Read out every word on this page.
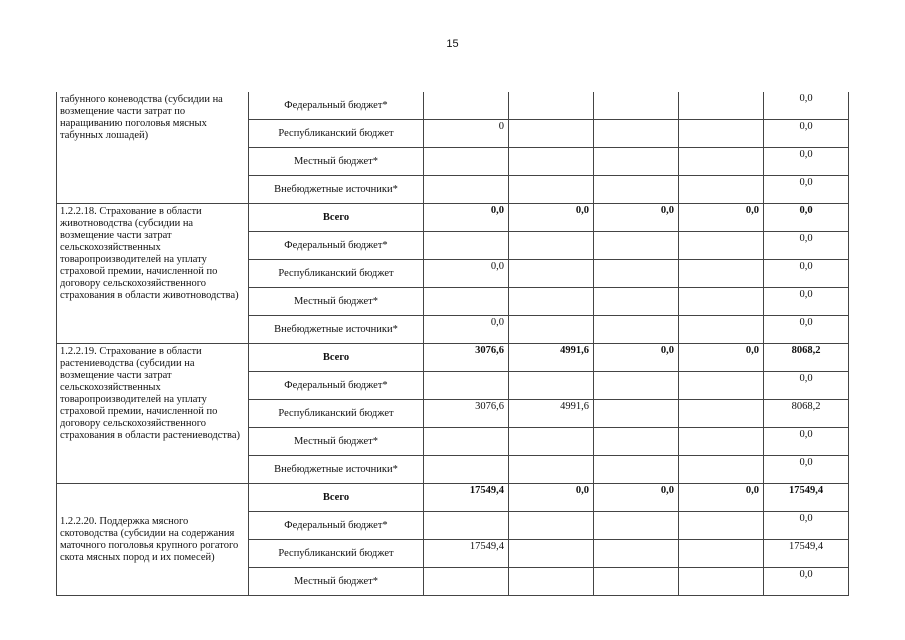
15
табунного коневодства (субсидии на возмещение части затрат по наращиванию поголовья мясных табунных лошадей)	Федеральный бюджет*					0,0
	Республиканский бюджет	0				0,0
	Местный бюджет*					0,0
	Внебюджетные источники*					0,0
1.2.2.18. Страхование в области животноводства (субсидии на возмещение части затрат сельскохозяйственных товаропроизводителей на уплату страховой премии, начисленной по договору сельскохозяйственного страхования в области животноводства)	Всего	0,0	0,0	0,0	0,0	0,0
	Федеральный бюджет*					0,0
	Республиканский бюджет	0,0				0,0
	Местный бюджет*					0,0
	Внебюджетные источники*	0,0				0,0
1.2.2.19. Страхование в области растениеводства (субсидии на возмещение части затрат сельскохозяйственных товаропроизводителей на уплату страховой премии, начисленной по договору сельскохозяйственного страхования в области растениеводства)	Всего	3076,6	4991,6	0,0	0,0	8068,2
	Федеральный бюджет*					0,0
	Республиканский бюджет	3076,6	4991,6			8068,2
	Местный бюджет*					0,0
	Внебюджетные источники*					0,0
1.2.2.20. Поддержка мясного скотоводства (субсидии на содержания маточного поголовья крупного рогатого скота мясных пород и их помесей)	Всего	17549,4	0,0	0,0	0,0	17549,4
	Федеральный бюджет*					0,0
	Республиканский бюджет	17549,4				17549,4
	Местный бюджет*					0,0
